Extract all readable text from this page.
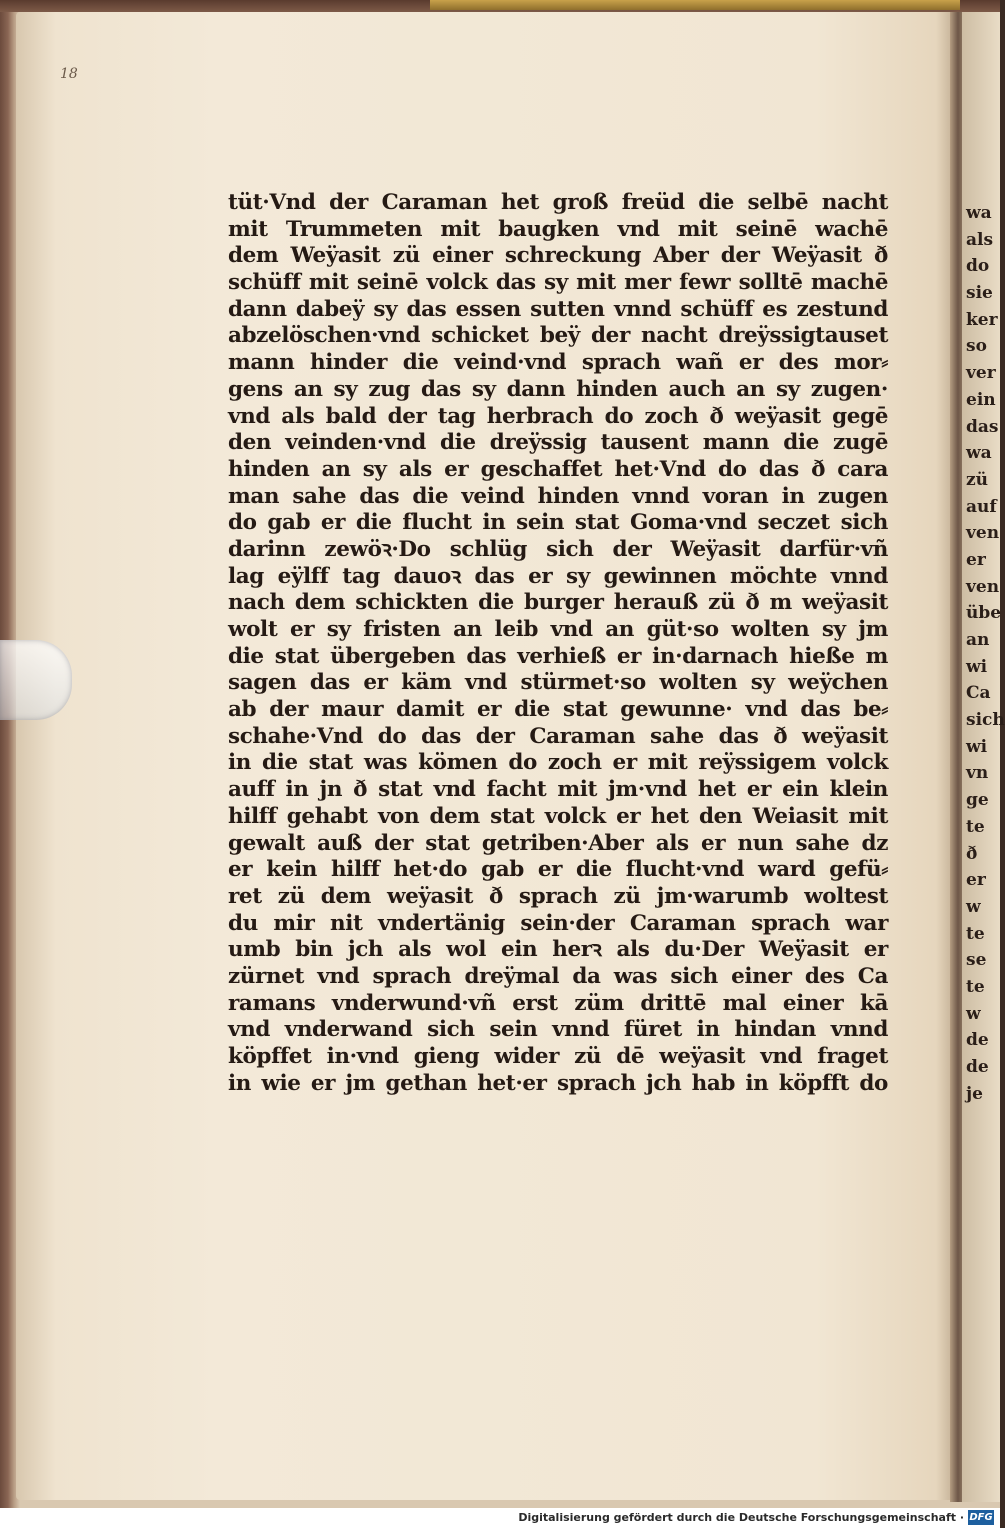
18
tüt·Vnd der Caraman het groß freüd die selbē nacht
mit Trummeten mit baugken vnd mit seinē wachē
dem Weÿasit zü einer schreckung Aber der Weÿasit ð
schüff mit seinē volck das sy mit mer fewr solltē machē
dann dabeÿ sy das essen sutten vnnd schüff es zestund
abzelöschen·vnd schicket beÿ der nacht dreÿssigtauset
mann hinder die veind·vnd sprach wañ er des mor⸗
gens an sy zug das sy dann hinden auch an sy zugen·
vnd als bald der tag herbrach do zoch ð weÿasit gegē
den veinden·vnd die dreÿssig tausent mann die zugē
hinden an sy als er geschaffet het·Vnd do das ð cara
man sahe das die veind hinden vnnd voran in zugen
do gab er die flucht in sein stat Goma·vnd seczet sich
darinn zewöꝛ·Do schlüg sich der Weÿasit darfür·vñ
lag eÿlff tag dauoꝛ das er sy gewinnen möchte vnnd
nach dem schickten die burger herauß zü ð m weÿasit
wolt er sy fristen an leib vnd an güt·so wolten sy jm
die stat übergeben das verhieß er in·darnach hieße m
sagen das er käm vnd stürmet·so wolten sy weÿchen
ab der maur damit er die stat gewunne· vnd das be⸗
schahe·Vnd do das der Caraman sahe das ð weÿasit
in die stat was kömen do zoch er mit reÿssigem volck
auff in jn ð stat vnd facht mit jm·vnd het er ein klein
hilff gehabt von dem stat volck er het den Weiasit mit
gewalt auß der stat getriben·Aber als er nun sahe dz
er kein hilff het·do gab er die flucht·vnd ward gefü⸗
ret zü dem weÿasit ð sprach zü jm·warumb woltest
du mir nit vndertänig sein·der Caraman sprach war
umb bin jch als wol ein herꝛ als du·Der Weÿasit er
zürnet vnd sprach dreÿmal da was sich einer des Ca
ramans vnderwund·vñ erst züm drittē mal einer kā
vnd vnderwand sich sein vnnd füret in hindan vnnd
köpffet in·vnd gieng wider zü dē weÿasit vnd fraget
in wie er jm gethan het·er sprach jch hab in köpfft do
wa
als
do
sie
ker
so
ver
ein
das
wa
zü
auf
ven
er
ven
übe
an
wi
Ca
sich
wi
vn
ge
te
ð
er
w
te
se
te
w
de
de
je
Digitalisierung gefördert durch die Deutsche Forschungsgemeinschaft · DFG
